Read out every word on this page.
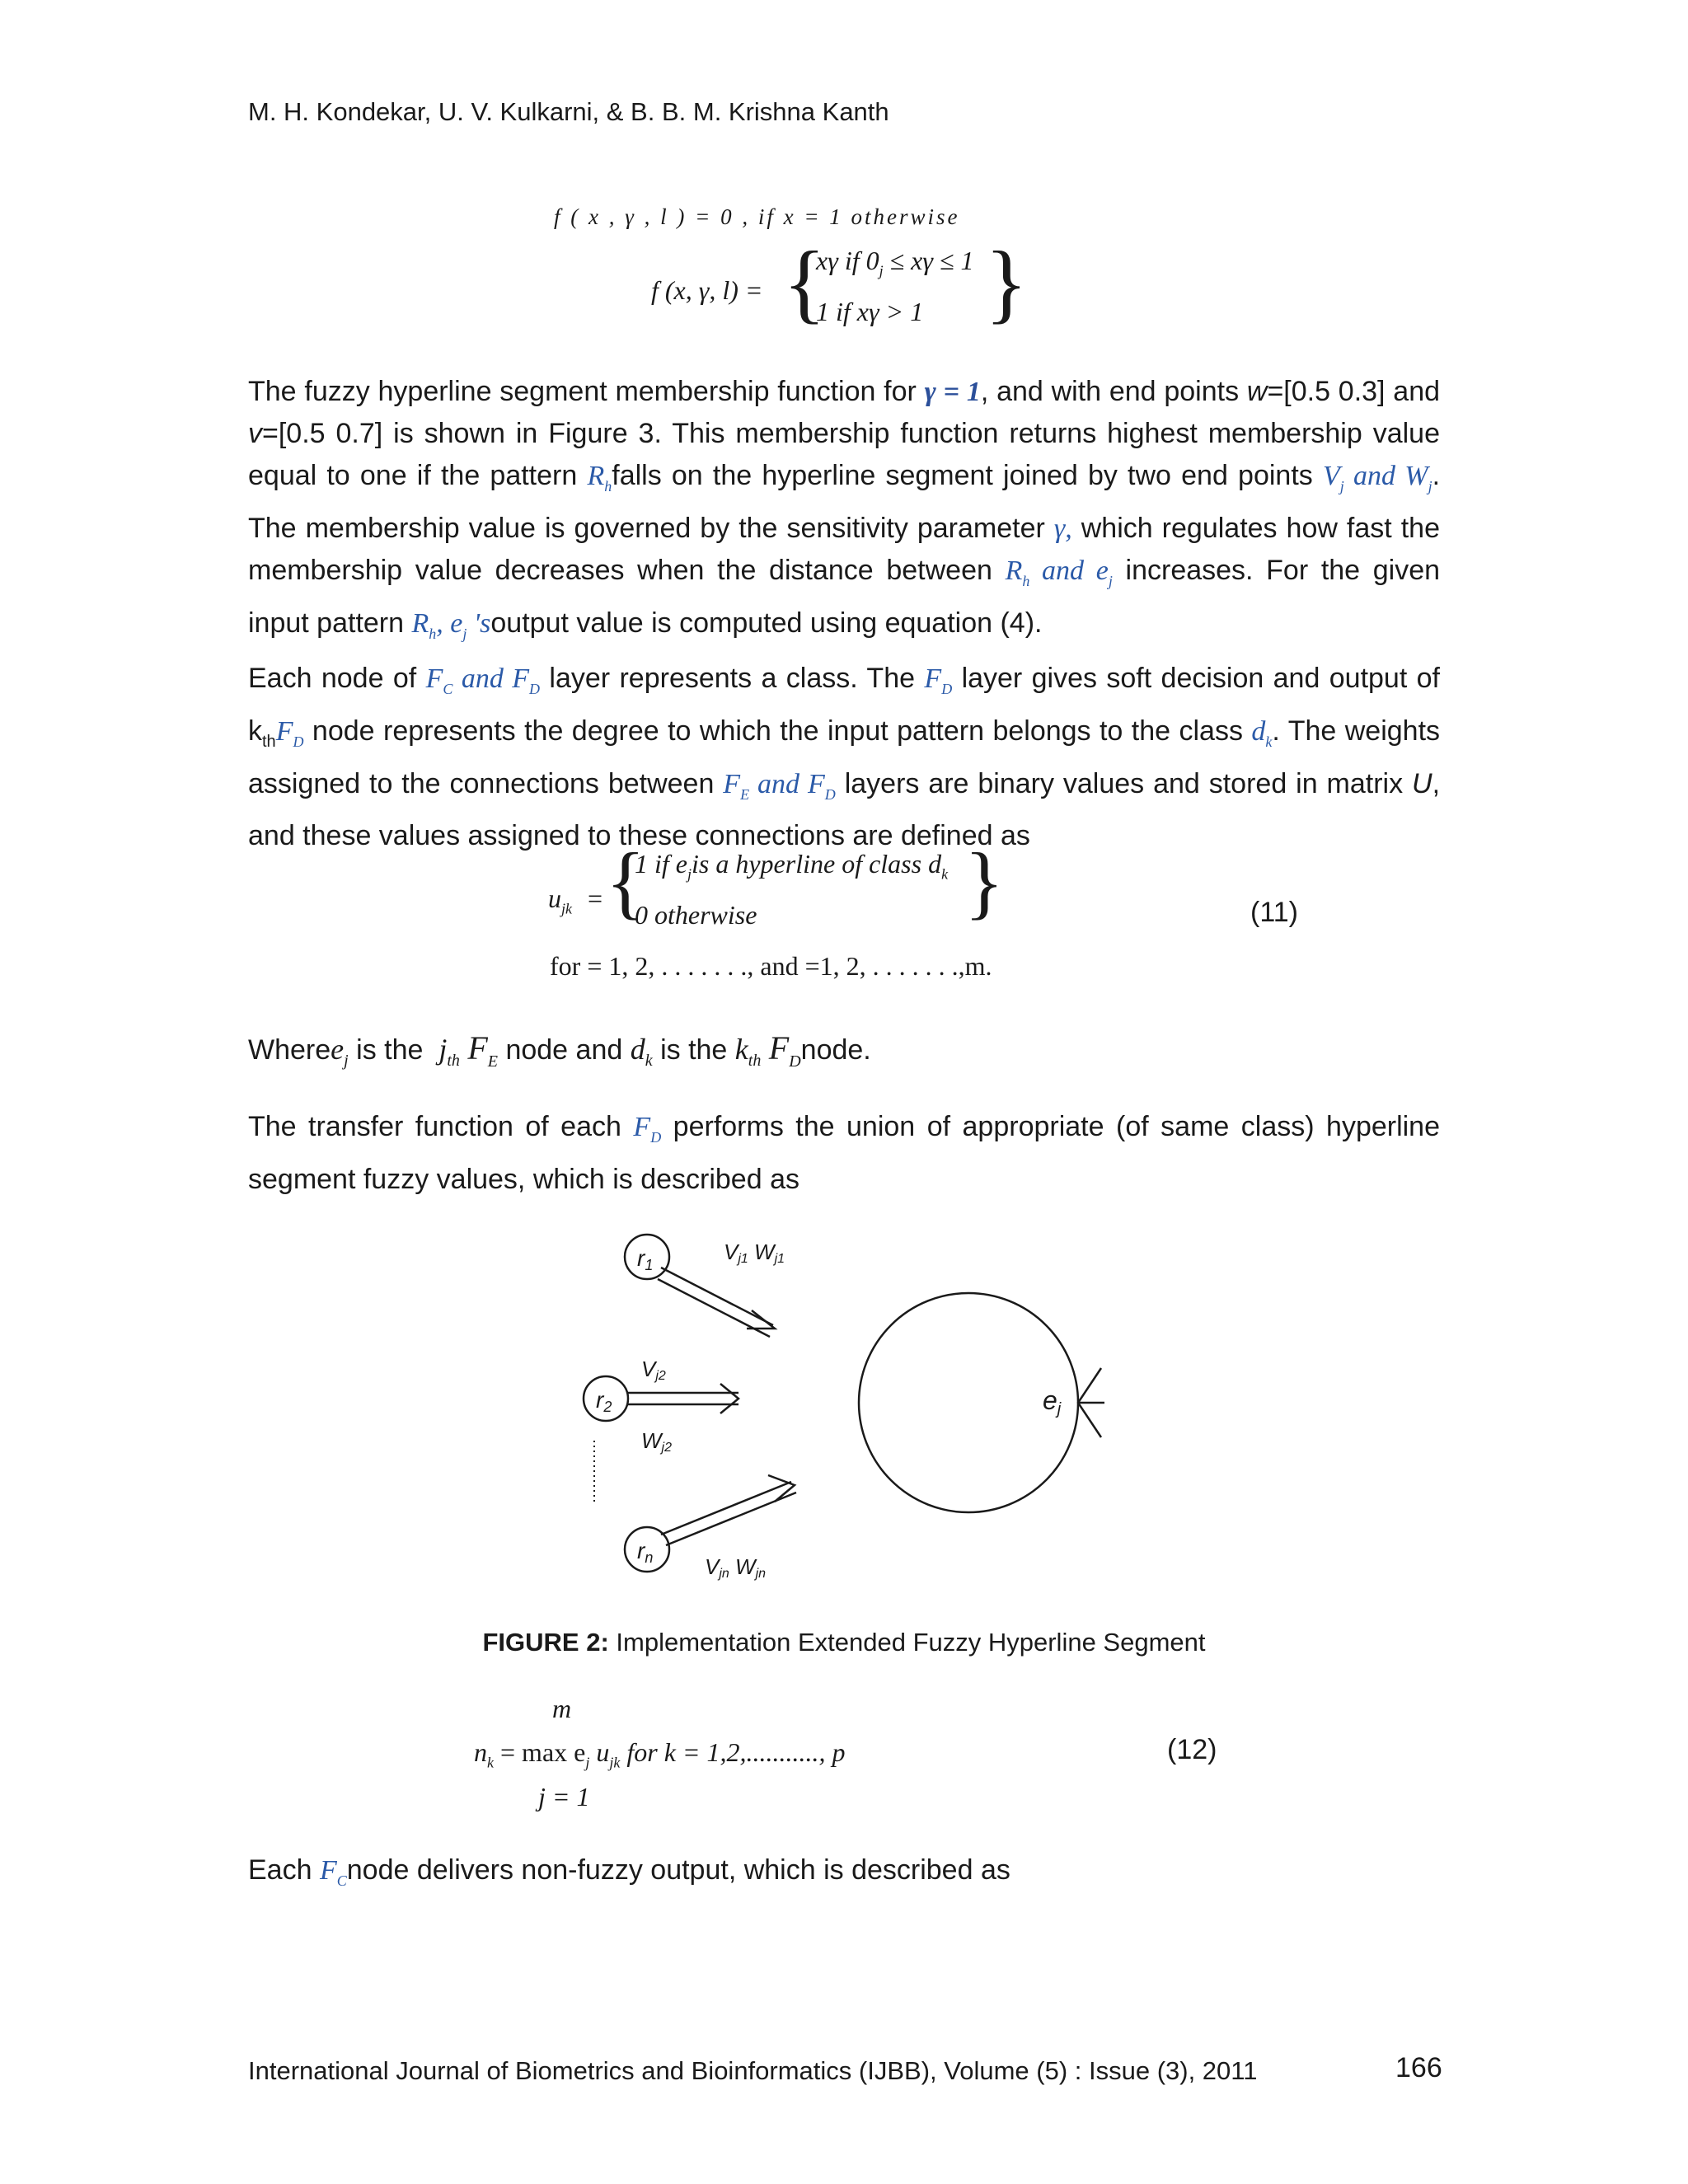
M. H. Kondekar, U. V. Kulkarni, & B. B. M. Krishna Kanth
f ( x , γ , l ) = 0 , if x = 1 otherwise
f (x, γ, l) = {
xγ if $0_j \le x\gamma \le 1$
1 if xγ > 1 }
The fuzzy hyperline segment membership function for γ = 1, and with end points w=[0.5 0.3] and v=[0.5 0.7] is shown in Figure 3. This membership function returns highest membership value equal to one if the pattern $R_hfalls$ on the hyperline segment joined by two end points $V_j$ and $W_j$. The membership value is governed by the sensitivity parameter γ, which regulates how fast the membership value decreases when the distance between $R_h$ and $e_j$ increases. For the given input pattern $R_h$, $e_j$ 'soutput value is computed using equation (4).
Each node of $F_C$ and $F_D$ layer represents a class. The $F_D$ layer gives soft decision and output of $k_{th}F_D$ node represents the degree to which the input pattern belongs to the class $d_k$. The weights assigned to the connections between $F_E$ and $F_D$ layers are binary values and stored in matrix U, and these values assigned to these connections are defined as
$u_{jk}$ = {
1 if $e_jis$ a hyperline of class $d_k$
0 otherwise	}
for = 1, 2, . . . . . . ., and =1, 2, . . . . . . .,m.
(11)
Wheree$_j$ is the $j_{th}$ $F_E$ node and $d_k$ is the $k_{th}$ $F_Dnode$.
The transfer function of each $F_D$ performs the union of appropriate (of same class) hyperline segment fuzzy values, which is described as
r1
r2
rn
Vj1 Wj1
Vj2
Wj2
Vjn Wjn
ej
FIGURE 2: Implementation Extended Fuzzy Hyperline Segment
m
$n_k = \max e_j$ $u_{jk}$ for k = 1,2,..........., p
j = 1
(12)
Each $F_Cnode$ delivers non-fuzzy output, which is described as
International Journal of Biometrics and Bioinformatics (IJBB), Volume (5) : Issue (3), 2011	166
